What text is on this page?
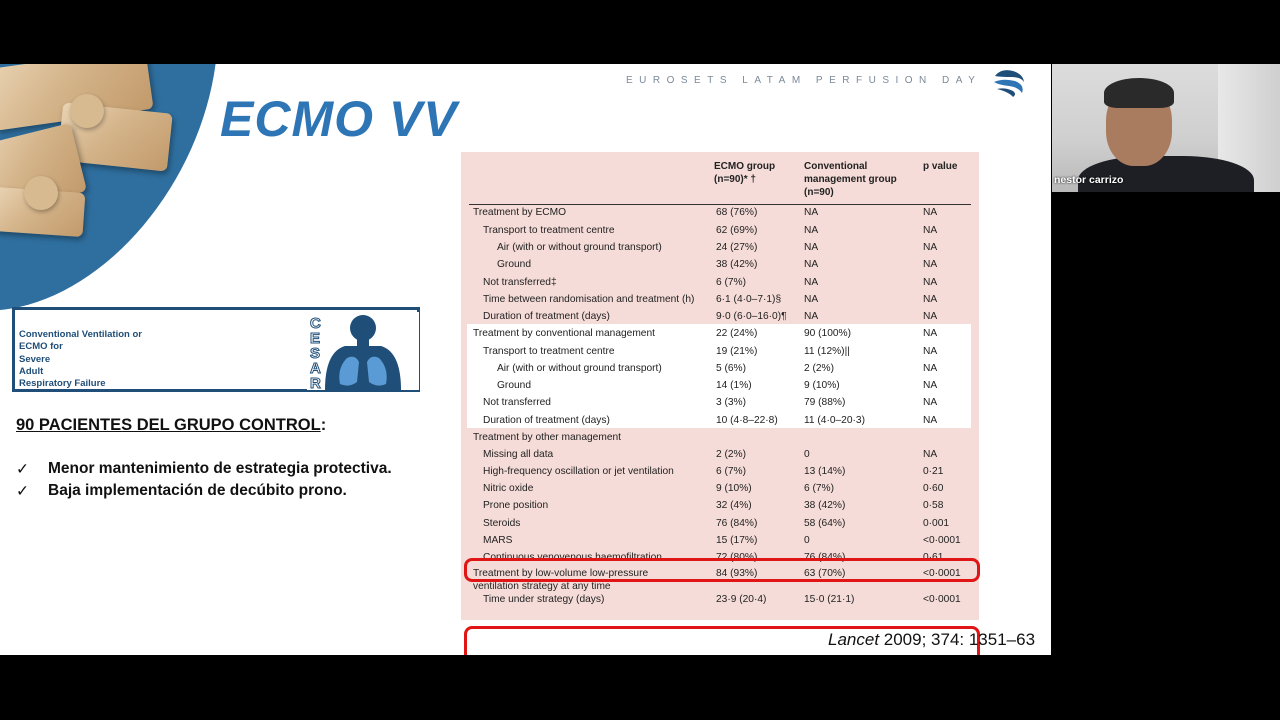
EUROSETS LATAM PERFUSION DAY
ECMO VV
Conventional Ventilation or
ECMO for
Severe
Adult
Respiratory Failure
C
E
S
A
R
90 PACIENTES DEL GRUPO CONTROL:
✓	Menor mantenimiento de estrategia protectiva.
✓	Baja implementación de decúbito prono.
ECMO group
(n=90)* †
Conventional
management group
(n=90)
p value
Treatment by ECMO	68 (76%)	NA	NA
Transport to treatment centre	62 (69%)	NA	NA
Air (with or without ground transport)	24 (27%)	NA	NA
Ground	38 (42%)	NA	NA
Not transferred‡	6 (7%)	NA	NA
Time between randomisation and treatment (h) 6·1 (4·0–7·1)§ NA	NA
Duration of treatment (days)	9·0 (6·0–16·0)¶ NA	NA
Treatment by conventional management	22 (24%)	90 (100%)	NA
Transport to treatment centre	19 (21%)	11 (12%)||	NA
Air (with or without ground transport)	5 (6%)	2 (2%)	NA
Ground	14 (1%)	9 (10%)	NA
Not transferred	3 (3%)	79 (88%)	NA
Duration of treatment (days)	10 (4·8–22·8)	11 (4·0–20·3)	NA
Treatment by other management
Missing all data	2 (2%)	0	NA
High-frequency oscillation or jet ventilation	6 (7%)	13 (14%)	0·21
Nitric oxide	9 (10%)	6 (7%)	0·60
Prone position	32 (4%)	38 (42%)	0·58
Steroids	76 (84%)	58 (64%)	0·001
MARS	15 (17%)	0	<0·0001
Continuous venovenous haemofiltration	72 (80%)	76 (84%)	0·61
Treatment by low-volume low-pressure
ventilation strategy at any time
84 (93%)	63 (70%)	<0·0001
Time under strategy (days)	23·9 (20·4)	15·0 (21·1)	<0·0001
Lancet 2009; 374: 1351–63
nestor carrizo
